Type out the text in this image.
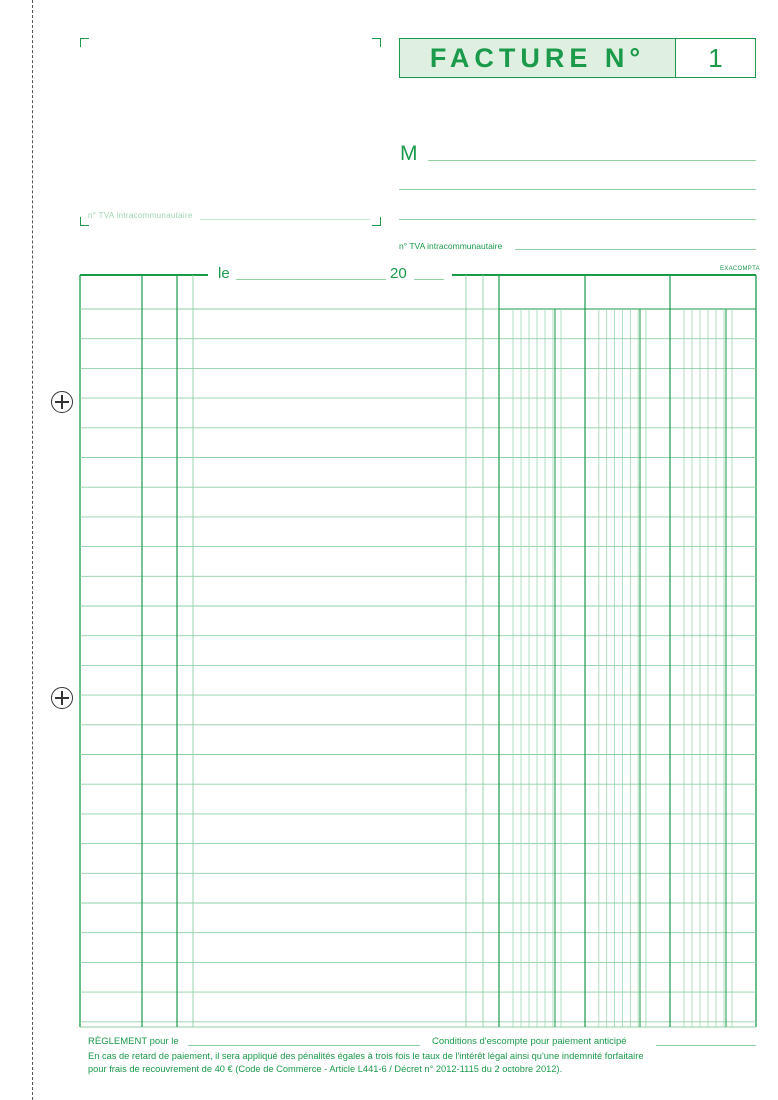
n° TVA intracommunautaire
FACTURE N°	1
M
n° TVA intracommunautaire
le	20	EXACOMPTA
RÈGLEMENT pour le	Conditions d'escompte pour paiement anticipé
En cas de retard de paiement, il sera appliqué des pénalités égales à trois fois le taux de l'intérêt légal ainsi qu'une indemnité forfaitaire
pour frais de recouvrement de 40 € (Code de Commerce - Article L441-6 / Décret n° 2012-1115 du 2 octobre 2012).
